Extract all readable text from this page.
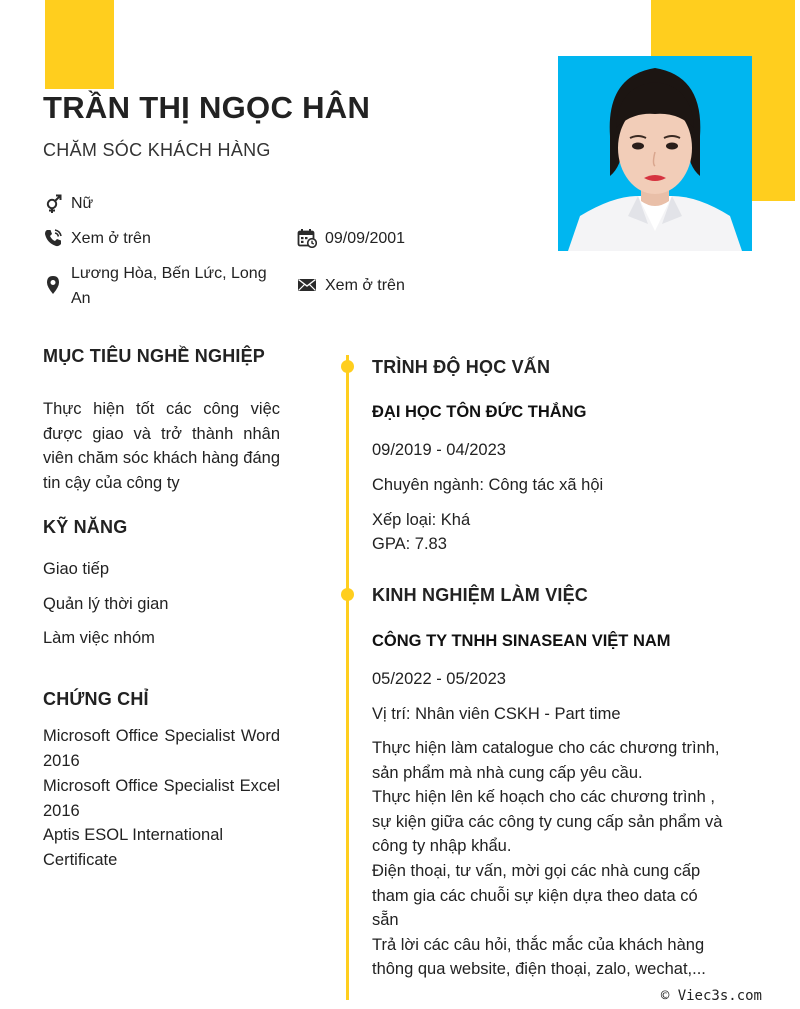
TRẦN THỊ NGỌC HÂN
CHĂM SÓC KHÁCH HÀNG
Nữ
Xem ở trên	09/09/2001
Lương Hòa, Bến Lức, Long An
Xem ở trên
MỤC TIÊU NGHỀ NGHIỆP
Thực hiện tốt các công việc được giao và trở thành nhân viên chăm sóc khách hàng đáng tin cậy của công ty
KỸ NĂNG
Giao tiếp
Quản lý thời gian
Làm việc nhóm
CHỨNG CHỈ
Microsoft Office Specialist Word 2016
Microsoft Office Specialist Excel 2016
Aptis ESOL International Certificate
TRÌNH ĐỘ HỌC VẤN
ĐẠI HỌC TÔN ĐỨC THẮNG
09/2019 - 04/2023
Chuyên ngành: Công tác xã hội
Xếp loại: Khá
GPA: 7.83
KINH NGHIỆM LÀM VIỆC
CÔNG TY TNHH SINASEAN VIỆT NAM
05/2022 - 05/2023
Vị trí: Nhân viên CSKH - Part time
Thực hiện làm catalogue cho các chương trình, sản phẩm mà nhà cung cấp yêu cầu.
Thực hiện lên kế hoạch cho các chương trình , sự kiện giữa các công ty cung cấp sản phẩm và công ty nhập khẩu.
Điện thoại, tư vấn, mời gọi các nhà cung cấp tham gia các chuỗi sự kiện dựa theo data có sẵn
Trả lời các câu hỏi, thắc mắc của khách hàng thông qua website, điện thoại, zalo, wechat,...
© Viec3s.com
